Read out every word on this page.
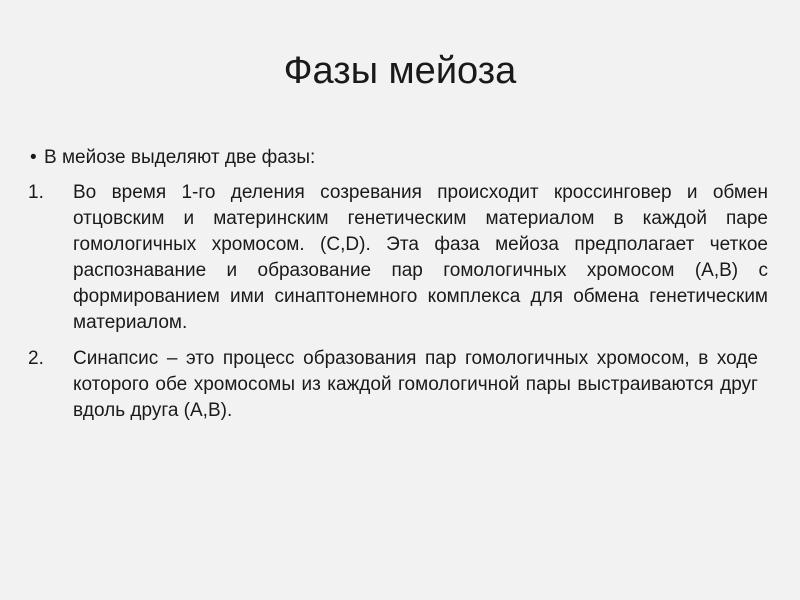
Фазы мейоза

• В мейозе выделяют две фазы:

1. Во время 1-го деления созревания происходит кроссинговер и обмен отцовским и материнским генетическим материалом в каждой паре гомологичных хромосом. (C,D). Эта фаза мейоза предполагает четкое распознавание и образование пар гомологичных хромосом (A,B) с формированием ими синаптонемного комплекса для обмена генетическим материалом.
2. Синапсис – это процесс образования пар гомологичных хромосом, в ходе которого обе хромосомы из каждой гомологичной пары выстраиваются друг вдоль друга (A,B).
